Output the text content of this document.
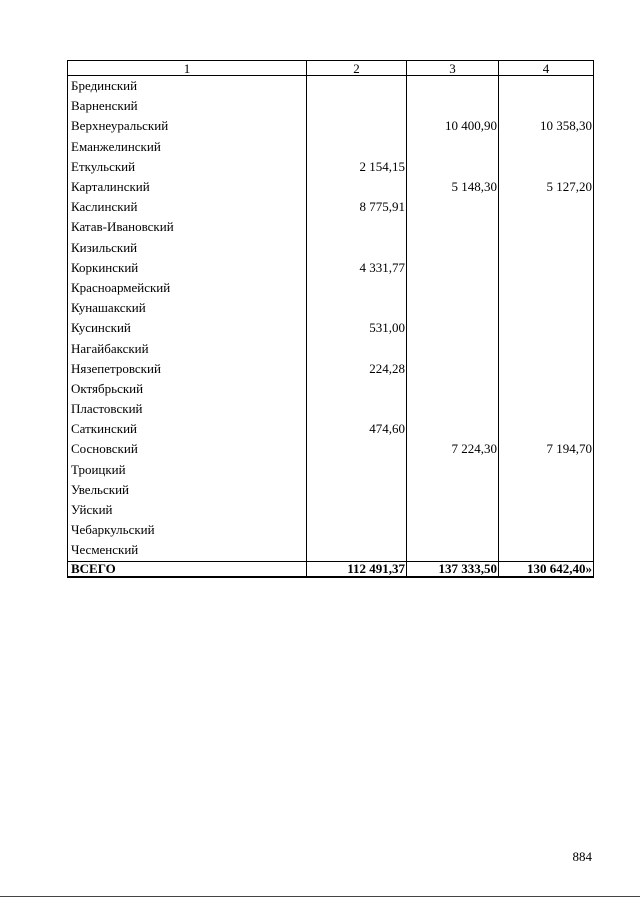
1	2	3	4
Брединский			
Варненский			
Верхнеуральский		10 400,90	10 358,30
Еманжелинский			
Еткульский	2 154,15		
Карталинский		5 148,30	5 127,20
Каслинский	8 775,91		
Катав-Ивановский			
Кизильский			
Коркинский	4 331,77		
Красноармейский			
Кунашакский			
Кусинский	531,00		
Нагайбакский			
Нязепетровский	224,28		
Октябрьский			
Пластовский			
Саткинский	474,60		
Сосновский		7 224,30	7 194,70
Троицкий			
Увельский			
Уйский			
Чебаркульский			
Чесменский			
ВСЕГО	112 491,37	137 333,50	130 642,40»
884
